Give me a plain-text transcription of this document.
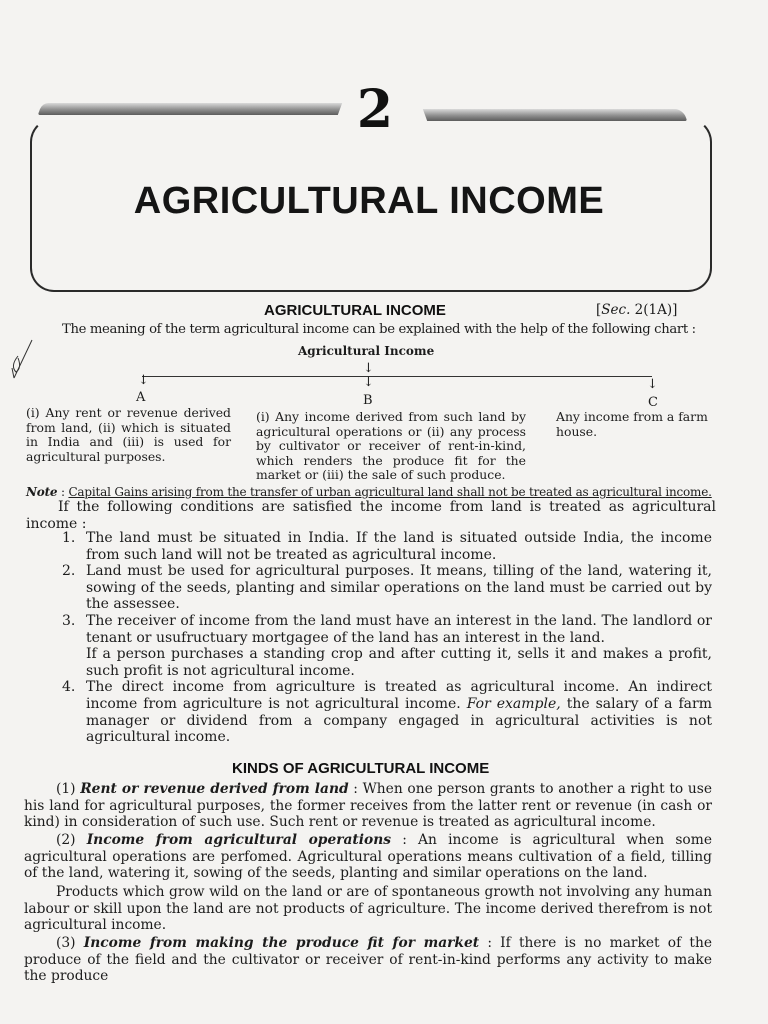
2
AGRICULTURAL INCOME
AGRICULTURAL INCOME	[Sec. 2(1A)]
The meaning of the term agricultural income can be explained with the help of the following chart :
Agricultural Income
↓
↓	↓	↓
A	B	C
(i) Any rent or revenue derived from land, (ii) which is situated in India and (iii) is used for agricultural purposes.
(i) Any income derived from such land by agricultural operations or (ii) any process by cultivator or receiver of rent-in-kind, which renders the produce fit for the market or (iii) the sale of such produce.
Any income from a farm house.
Note : Capital Gains arising from the transfer of urban agricultural land shall not be treated as agricultural income.
If the following conditions are satisfied the income from land is treated as agricultural income :
1. The land must be situated in India. If the land is situated outside India, the income from such land will not be treated as agricultural income.
2. Land must be used for agricultural purposes. It means, tilling of the land, watering it, sowing of the seeds, planting and similar operations on the land must be carried out by the assessee.
3. The receiver of income from the land must have an interest in the land. The landlord or tenant or usufructuary mortgagee of the land has an interest in the land.
If a person purchases a standing crop and after cutting it, sells it and makes a profit, such profit is not agricultural income.
4. The direct income from agriculture is treated as agricultural income. An indirect income from agriculture is not agricultural income. For example, the salary of a farm manager or dividend from a company engaged in agricultural activities is not agricultural income.
KINDS OF AGRICULTURAL INCOME
(1) Rent or revenue derived from land : When one person grants to another a right to use his land for agricultural purposes, the former receives from the latter rent or revenue (in cash or kind) in consideration of such use. Such rent or revenue is treated as agricultural income.
(2) Income from agricultural operations : An income is agricultural when some agricultural operations are perfomed. Agricultural operations means cultivation of a field, tilling of the land, watering it, sowing of the seeds, planting and similar operations on the land.
Products which grow wild on the land or are of spontaneous growth not involving any human labour or skill upon the land are not products of agriculture. The income derived therefrom is not agricultural income.
(3) Income from making the produce fit for market : If there is no market of the produce of the field and the cultivator or receiver of rent-in-kind performs any activity to make the produce
